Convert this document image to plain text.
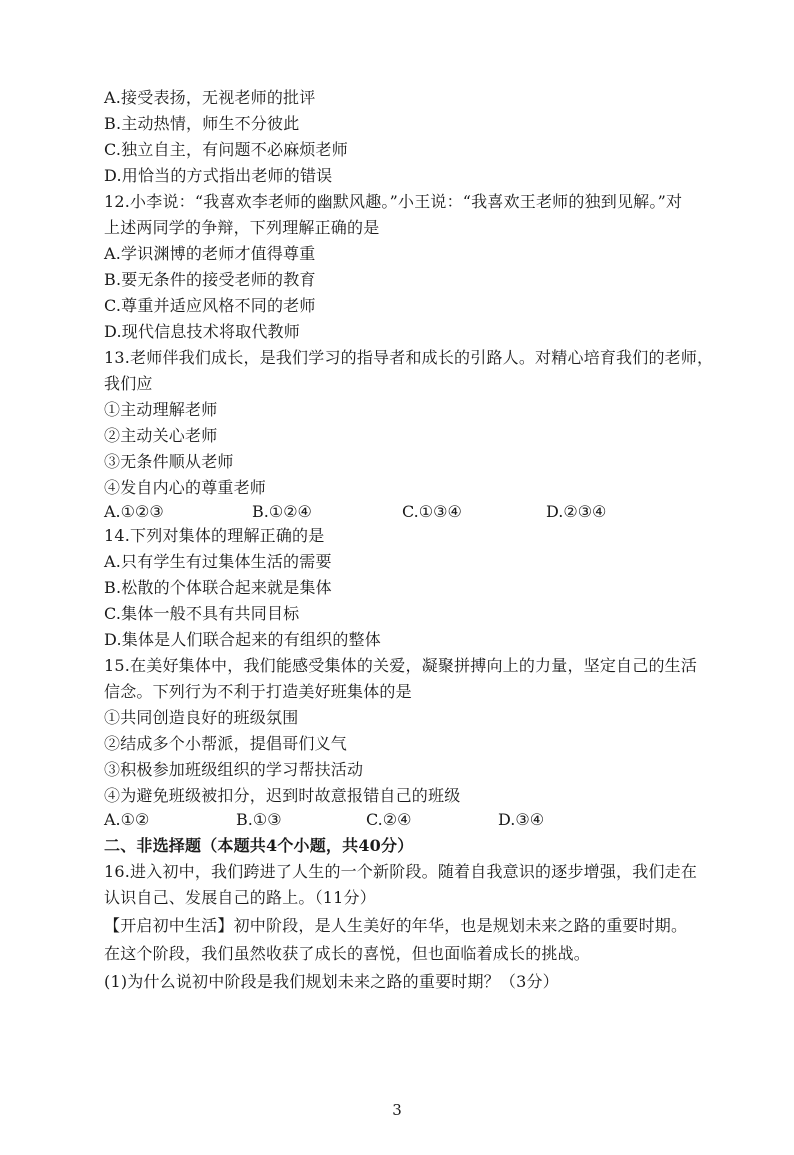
A.接受表扬，无视老师的批评
B.主动热情，师生不分彼此
C.独立自主，有问题不必麻烦老师
D.用恰当的方式指出老师的错误
12.小李说：“我喜欢李老师的幽默风趣。”小王说：“我喜欢王老师的独到见解。”对
上述两同学的争辩，下列理解正确的是
A.学识渊博的老师才值得尊重
B.要无条件的接受老师的教育
C.尊重并适应风格不同的老师
D.现代信息技术将取代教师
13.老师伴我们成长，是我们学习的指导者和成长的引路人。对精心培育我们的老师，
我们应
①主动理解老师
②主动关心老师
③无条件顺从老师
④发自内心的尊重老师
A.①②③	B.①②④	C.①③④	D.②③④
14.下列对集体的理解正确的是
A.只有学生有过集体生活的需要
B.松散的个体联合起来就是集体
C.集体一般不具有共同目标
D.集体是人们联合起来的有组织的整体
15.在美好集体中，我们能感受集体的关爱，凝聚拼搏向上的力量，坚定自己的生活
信念。下列行为不利于打造美好班集体的是
①共同创造良好的班级氛围
②结成多个小帮派，提倡哥们义气
③积极参加班级组织的学习帮扶活动
④为避免班级被扣分，迟到时故意报错自己的班级
A.①②	B.①③	C.②④	D.③④
二、非选择题（本题共4个小题，共40分）
16.进入初中，我们跨进了人生的一个新阶段。随着自我意识的逐步增强，我们走在
认识自己、发展自己的路上。（11分）
【开启初中生活】初中阶段，是人生美好的年华，也是规划未来之路的重要时期。
在这个阶段，我们虽然收获了成长的喜悦，但也面临着成长的挑战。
(1)为什么说初中阶段是我们规划未来之路的重要时期？（3分）
3
